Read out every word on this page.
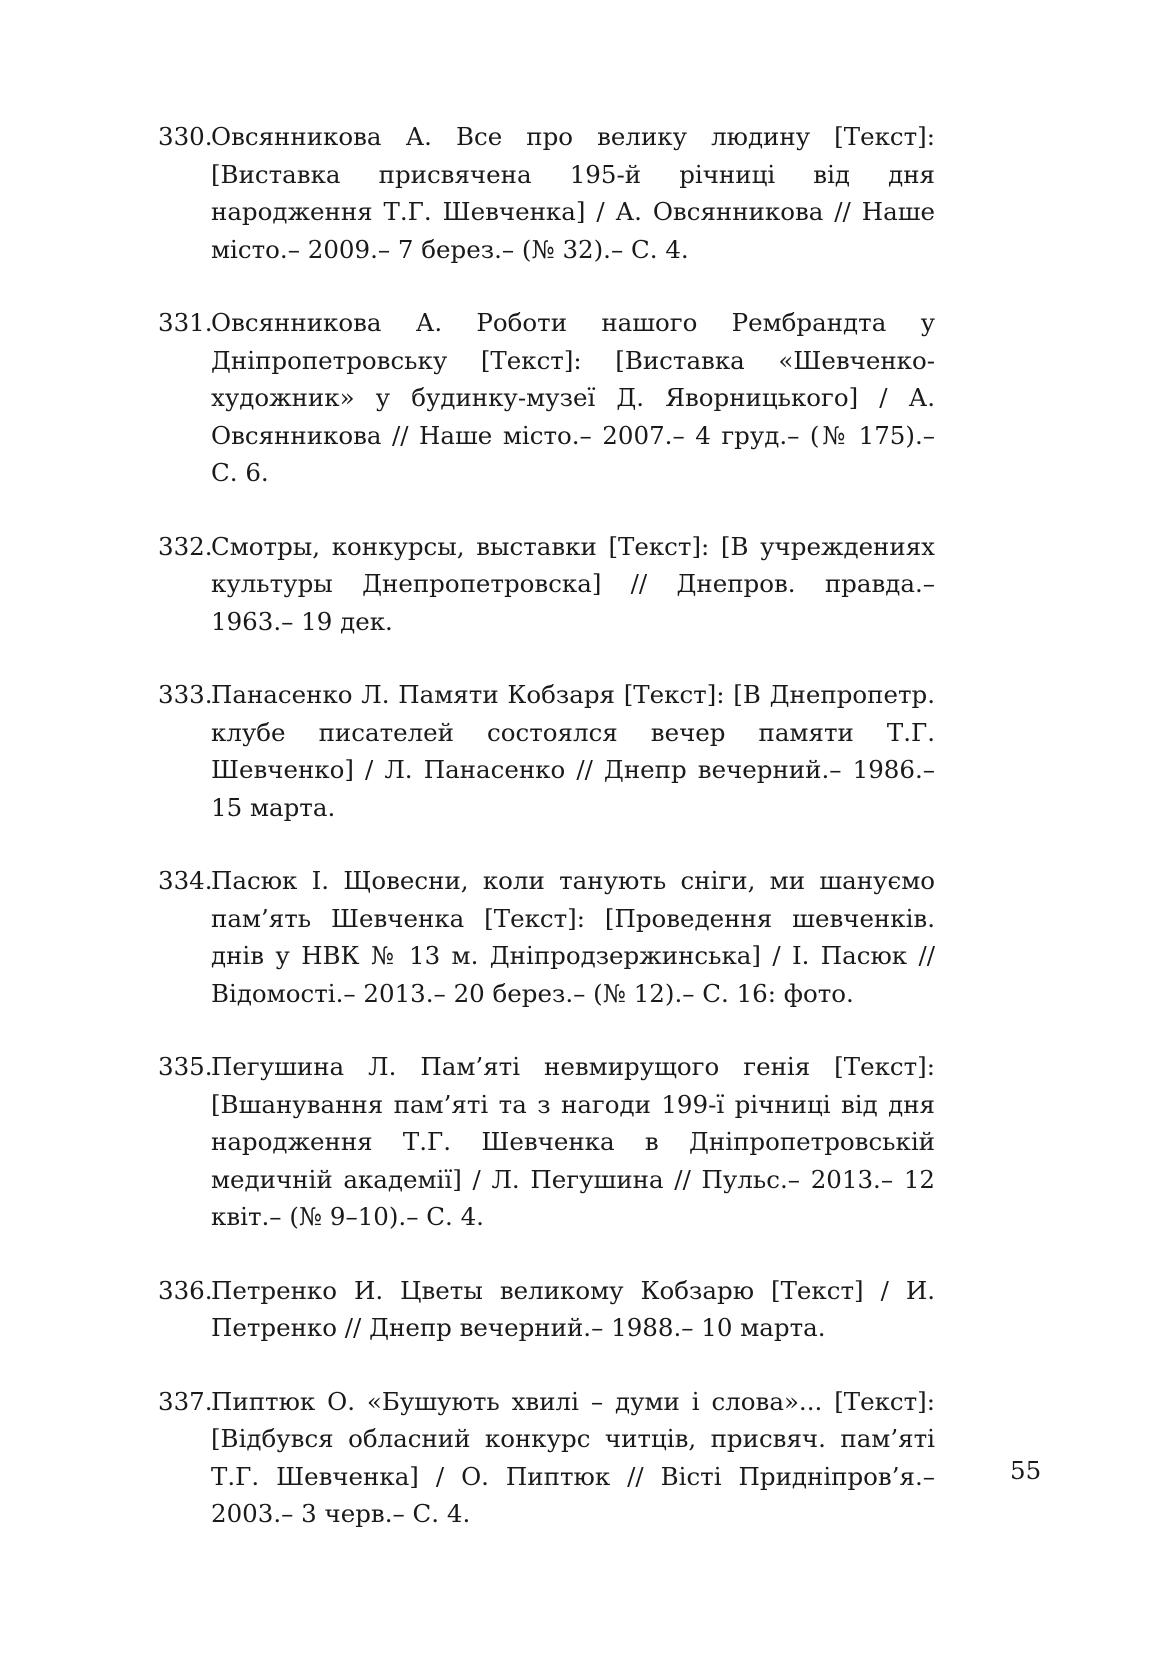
330.
Овсянникова А. Все про велику людину [Текст]: [Виставка присвячена 195-й річниці від дня народження Т.Г. Шевченка] / А. Овсянникова // Наше місто.– 2009.– 7 берез.– (№ 32).– С. 4.
331.
Овсянникова А. Роботи нашого Рембрандта у Дніпропетровську [Текст]: [Виставка «Шевченко-художник» у будинку-музеї Д. Яворницького] / А. Овсянникова // Наше місто.– 2007.– 4 груд.– (№ 175).– С. 6.
332.
Смотры, конкурсы, выставки [Текст]: [В учреждениях культуры Днепропетровска] // Днепров. правда.– 1963.– 19 дек.
333.
Панасенко Л. Памяти Кобзаря [Текст]: [В Днепропетр. клубе писателей состоялся вечер памяти Т.Г. Шевченко] / Л. Панасенко // Днепр вечерний.– 1986.– 15 марта.
334.
Пасюк І. Щовесни, коли танують сніги, ми шануємо пам’ять Шевченка [Текст]: [Проведення шевченків. днів у НВК № 13 м. Дніпродзержинська] / І. Пасюк // Відомості.– 2013.– 20 берез.– (№ 12).– С. 16: фото.
335.
Пегушина Л. Пам’яті невмирущого генія [Текст]: [Вшанування пам’яті та з нагоди 199-ї річниці від дня народження Т.Г. Шевченка в Дніпропетровській медичній академії] / Л. Пегушина // Пульс.– 2013.– 12 квіт.– (№ 9–10).– С. 4.
336.
Петренко И. Цветы великому Кобзарю [Текст] / И. Петренко // Днепр вечерний.– 1988.– 10 марта.
337.
Пиптюк О. «Бушують хвилі – думи і слова»... [Текст]: [Відбувся обласний конкурс читців, присвяч. пам’яті Т.Г. Шевченка] / О. Пиптюк // Вісті Придніпров’я.– 2003.– 3 черв.– С. 4.
55
